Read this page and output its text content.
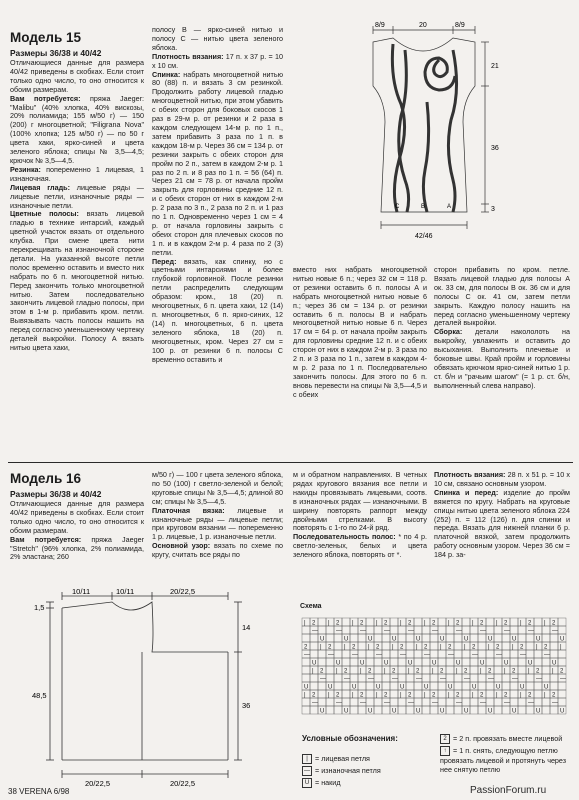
Модель 15
Размеры 36/38 и 40/42

Отличающиеся данные для размера 40/42 приведены в скобках. Если стоит только одно число, то оно относится к обоим размерам.

Вам потребуется: пряжа Jaeger: "Malibu" (40% хлопка, 40% вискозы, 20% полиамида; 155 м/50 г) — 150 (200) г многоцветной; "Filigrana Nova" (100% хлопка; 125 м/50 г) — по 50 г цвета хаки, ярко-синей и цвета зеленого яблока; спицы № 3,5—4,5; крючок № 3,5—4,5.

Резинка: попеременно 1 лицевая, 1 изнаночная.

Лицевая гладь: лицевые ряды — лицевые петли, изнаночные ряды — изнаночные петли.

Цветные полосы: вязать лицевой гладью в технике интарсий, каждый цветной участок вязать от отдельного клубка. При смене цвета нити перекрещивать на изнаночной стороне детали. На указанной высоте петли полос временно оставить и вместо них набрать по 6 п. многоцветной нитью. Перед закончить только многоцветной нитью. Затем последовательно закончить лицевой гладью полосы, при этом в 1-м р. прибавить кром. петли. Вывязывать часть полосы нашить на перед согласно уменьшенному чертежу деталей выкройки. Полосу А вязать нитью цвета хаки,

полосу В — ярко-синей нитью и полосу С — нитью цвета зеленого яблока.

Плотность вязания: 17 п. х 37 р. = 10 х 10 см.

Спинка: набрать многоцветной нитью 80 (88) п. и вязать 3 см резинкой. Продолжить работу лицевой гладью многоцветной нитью, при этом убавить с обеих сторон для боковых скосов 1 раз в 29-м р. от резинки и 2 раза в каждом следующем 14-м р. по 1 п., затем прибавить 3 раза по 1 п. в каждом 18-м р. Через 36 см = 134 р. от резинки закрыть с обеих сторон для пройм по 2 п., затем в каждом 2-м р. 1 раз по 2 п. и 8 раз по 1 п. = 56 (64) п. Через 21 см = 78 р. от начала пройм закрыть для горловины средние 12 п. и с обеих сторон от них в каждом 2-м р. 2 раза по 3 п., 2 раза по 2 п. и 1 раз по 1 п. Одновременно через 1 см = 4 р. от начала горловины закрыть с обеих сторон для плечевых скосов по 1 п. и в каждом 2-м р. 4 раза по 2 (3) петли.

Перед: вязать, как спинку, но с цветными интарсиями и более глубокой горловиной. После резинки петли распределить следующим образом: кром., 18 (20) п. многоцветных, 6 п. цвета хаки, 12 (14) п. многоцветных, 6 п. ярко-синих, 12 (14) п. многоцветных, 6 п. цвета зеленого яблока, 18 (20) п. многоцветных, кром. Через 27 см = 100 р. от резинки 6 п. полосы С временно оставить и

8/9	20	8/9
21
36
3
42/46
C	B	A

вместо них набрать многоцветной нитью новые 6 п.; через 32 см = 118 р. от резинки оставить 6 п. полосы А и набрать многоцветной нитью новые 6 п.; через 36 см = 134 р. от резинки оставить 6 п. полосы В и набрать многоцветной нитью новые 6 п. Через 17 см = 64 р. от начала пройм закрыть для горловины средние 12 п. и с обеих сторон от них в каждом 2-м р. 3 раза по 2 п. и 3 раза по 1 п., затем в каждом 4-м р. 2 раза по 1 п. Последовательно закончить полосы. Для этого по 6 п. вновь перевести на спицы № 3,5—4,5 и с обеих

сторон прибавить по кром. петле. Вязать лицевой гладью для полосы А ок. 33 см, для полосы В ок. 36 см и для полосы С ок. 41 см, затем петли закрыть. Каждую полосу нашить на перед согласно уменьшенному чертежу деталей выкройки.

Сборка: детали накололоть на выкройку, увлажнить и оставить до высыхания. Выполнить плечевые и боковые швы. Край пройм и горловины обвязать крючком ярко-синей нитью 1 р. ст. б/н и "рачьим шагом" (= 1 р. ст. б/н, выполненный слева направо).

Модель 16
Размеры 36/38 и 40/42

Отличающиеся данные для размера 40/42 приведены в скобках. Если стоит только одно число, то оно относится к обоим размерам.

Вам потребуется: пряжа Jaeger "Stretch" (96% хлопка, 2% полиамида, 2% эластана; 260

м/50 г) — 100 г цвета зеленого яблока, по 50 (100) г светло-зеленой и белой; круговые спицы № 3,5—4,5; длиной 80 см; спицы № 3,5—4,5.

Платочная вязка: лицевые и изнаночные ряды — лицевые петли; при круговом вязании — попеременно 1 р. лицевые, 1 р. изнаночные петли.

Основной узор: вязать по схеме по кругу, считать все ряды по

м и обратном направлениях. В четных рядах кругового вязания все петли и накиды провязывать лицевыми, соотв. в изнаночных рядах — изнаночными. В ширину повторять раппорт между двойными стрелками. В высоту повторять с 1-го по 24-й ряд.

Последовательность полос: * по 4 р. светло-зеленых, белых и цвета зеленого яблока, повторять от *.

Плотность вязания: 28 п. х 51 р. = 10 х 10 см, связано основным узором.

Спинка и перед: изделие до пройм вяжется по кругу. Набрать на круговые спицы нитью цвета зеленого яблока 224 (252) п. = 112 (126) п. для спинки и переда. Вязать для нижней планки 6 р. платочной вязкой, затем продолжить работу основным узором. Через 36 см = 184 р. за-

10/11	10/11	20/22,5
1,5
48,5
14
36
20/22,5	20/22,5
Схема
| 2 | 2 | 2 | 2 | 2 | 2 | 2 | 2 | 2 | 2 | 2
—	—	—	—	—	—	—	—	—	—	—
U	U	U	U	U	U	U	U	U	U	U
2 | 2 | 2 | 2 | 2 | 2 | 2 | 2 | 2 | 2 | 2 |
—	—	—	—	—	—	—	—	—	—	—
U	U	U	U	U	U	U	U	U	U	U
| 2 | 2 | 2 | 2 | 2 | 2 | 2 | 2 | 2 | 2 | 2
—	—	—	—	—	—	—	—	—	—	—
U	U	U	U	U	U	U	U	U	U	U
| 2 | 2 | 2 | 2 | 2 | 2 | 2 | 2 | 2 | 2 | 2
—	—	—	—	—	—	—	—	—	—	—
U	U	U	U	U	U	U	U	U	U	U
Условные обозначения:
| = лицевая петля
— = изнаночная петля
U = накид
2 = 2 п. провязать вместе лицевой
↑ = 1 п. снять, следующую петлю провязать лицевой и протянуть через нее снятую петлю
38 VERENA 6/98	PassionForum.ru
